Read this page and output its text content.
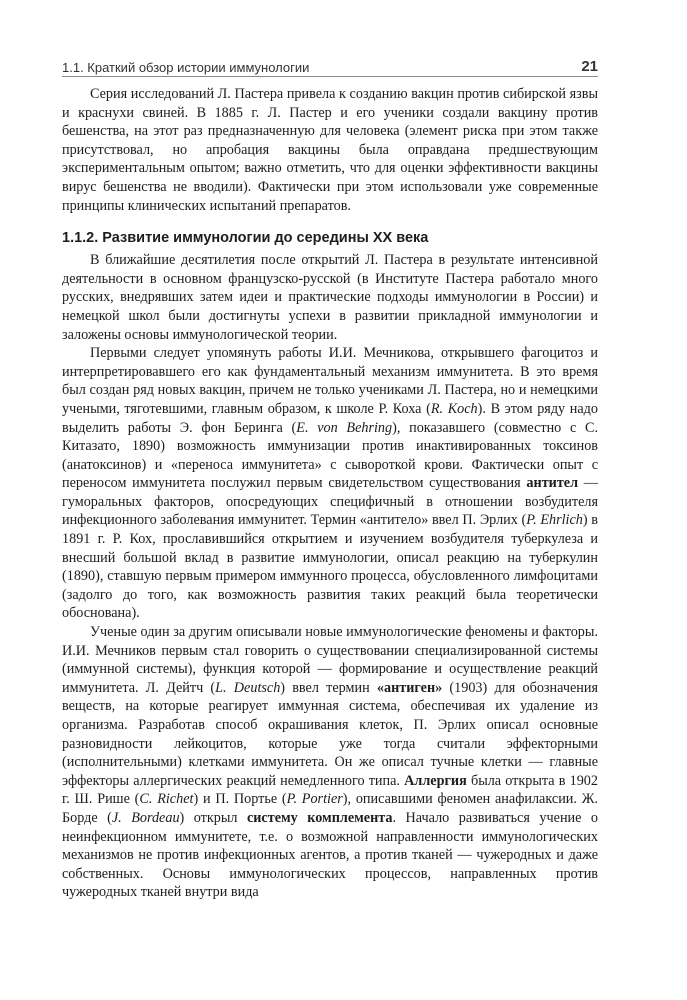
1.1. Краткий обзор истории иммунологии	21

Серия исследований Л. Пастера привела к созданию вакцин против сибирской язвы и краснухи свиней. В 1885 г. Л. Пастер и его ученики создали вакцину против бешенства, на этот раз предназначенную для человека (элемент риска при этом также присутствовал, но апробация вакцины была оправдана предшествующим экспериментальным опытом; важно отметить, что для оценки эффективности вакцины вирус бешенства не вводили). Фактически при этом использовали уже современные принципы клинических испытаний препаратов.

1.1.2. Развитие иммунологии до середины XX века

В ближайшие десятилетия после открытий Л. Пастера в результате интенсивной деятельности в основном французско-русской (в Институте Пастера работало много русских, внедрявших затем идеи и практические подходы иммунологии в России) и немецкой школ были достигнуты успехи в развитии прикладной иммунологии и заложены основы иммунологической теории.

Первыми следует упомянуть работы И.И. Мечникова, открывшего фагоцитоз и интерпретировавшего его как фундаментальный механизм иммунитета. В это время был создан ряд новых вакцин, причем не только учениками Л. Пастера, но и немецкими учеными, тяготевшими, главным образом, к школе Р. Коха (R. Koch). В этом ряду надо выделить работы Э. фон Беринга (E. von Behring), показавшего (совместно с С. Китазато, 1890) возможность иммунизации против инактивированных токсинов (анатоксинов) и «переноса иммунитета» с сывороткой крови. Фактически опыт с переносом иммунитета послужил первым свидетельством существования антител — гуморальных факторов, опосредующих специфичный в отношении возбудителя инфекционного заболевания иммунитет. Термин «антитело» ввел П. Эрлих (P. Ehrlich) в 1891 г. Р. Кох, прославившийся открытием и изучением возбудителя туберкулеза и внесший большой вклад в развитие иммунологии, описал реакцию на туберкулин (1890), ставшую первым примером иммунного процесса, обусловленного лимфоцитами (задолго до того, как возможность развития таких реакций была теоретически обоснована).

Ученые один за другим описывали новые иммунологические феномены и факторы. И.И. Мечников первым стал говорить о существовании специализированной системы (иммунной системы), функция которой — формирование и осуществление реакций иммунитета. Л. Дейтч (L. Deutsch) ввел термин «антиген» (1903) для обозначения веществ, на которые реагирует иммунная система, обеспечивая их удаление из организма. Разработав способ окрашивания клеток, П. Эрлих описал основные разновидности лейкоцитов, которые уже тогда считали эффекторными (исполнительными) клетками иммунитета. Он же описал тучные клетки — главные эффекторы аллергических реакций немедленного типа. Аллергия была открыта в 1902 г. Ш. Рише (C. Richet) и П. Портье (P. Portier), описавшими феномен анафилаксии. Ж. Борде (J. Bordeau) открыл систему комплемента. Начало развиваться учение о неинфекционном иммунитете, т.е. о возможной направленности иммунологических механизмов не против инфекционных агентов, а против тканей — чужеродных и даже собственных. Основы иммунологических процессов, направленных против чужеродных тканей внутри вида
